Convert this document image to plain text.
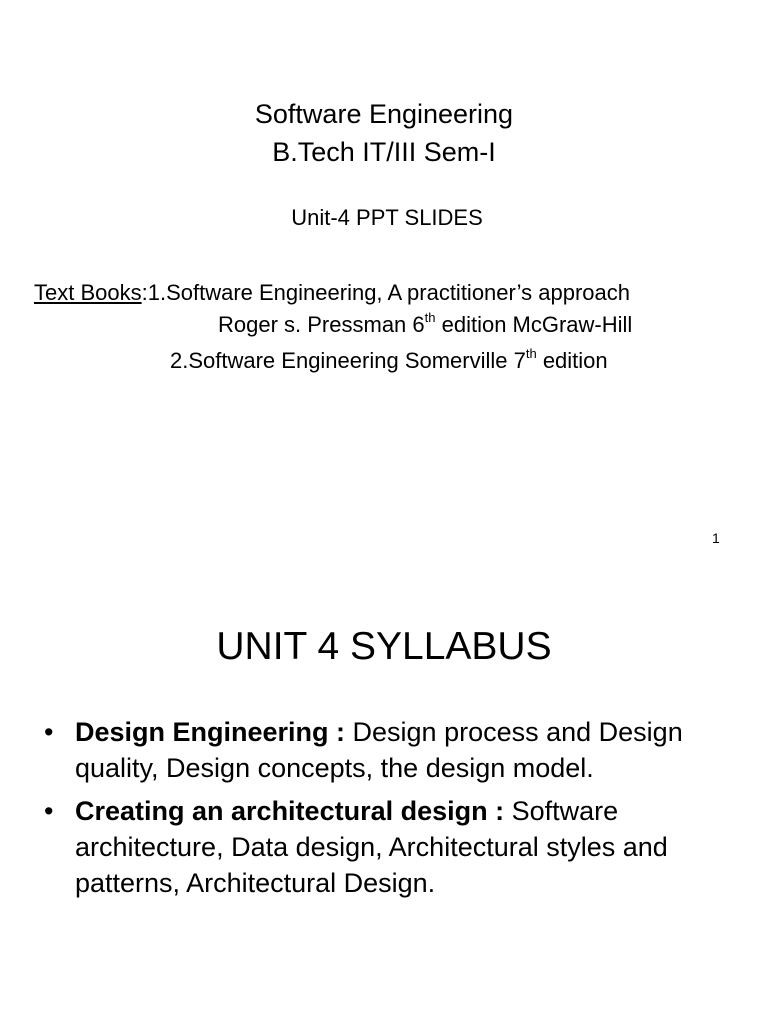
Software Engineering
B.Tech IT/III Sem-I
Unit-4 PPT SLIDES
Text Books:1.Software Engineering, A practitioner’s approach
Roger s. Pressman 6th edition McGraw-Hill
2.Software Engineering Somerville 7th edition
1
UNIT 4 SYLLABUS
• Design Engineering : Design process and Design quality, Design concepts, the design model.
• Creating an architectural design : Software architecture, Data design, Architectural styles and patterns, Architectural Design.
